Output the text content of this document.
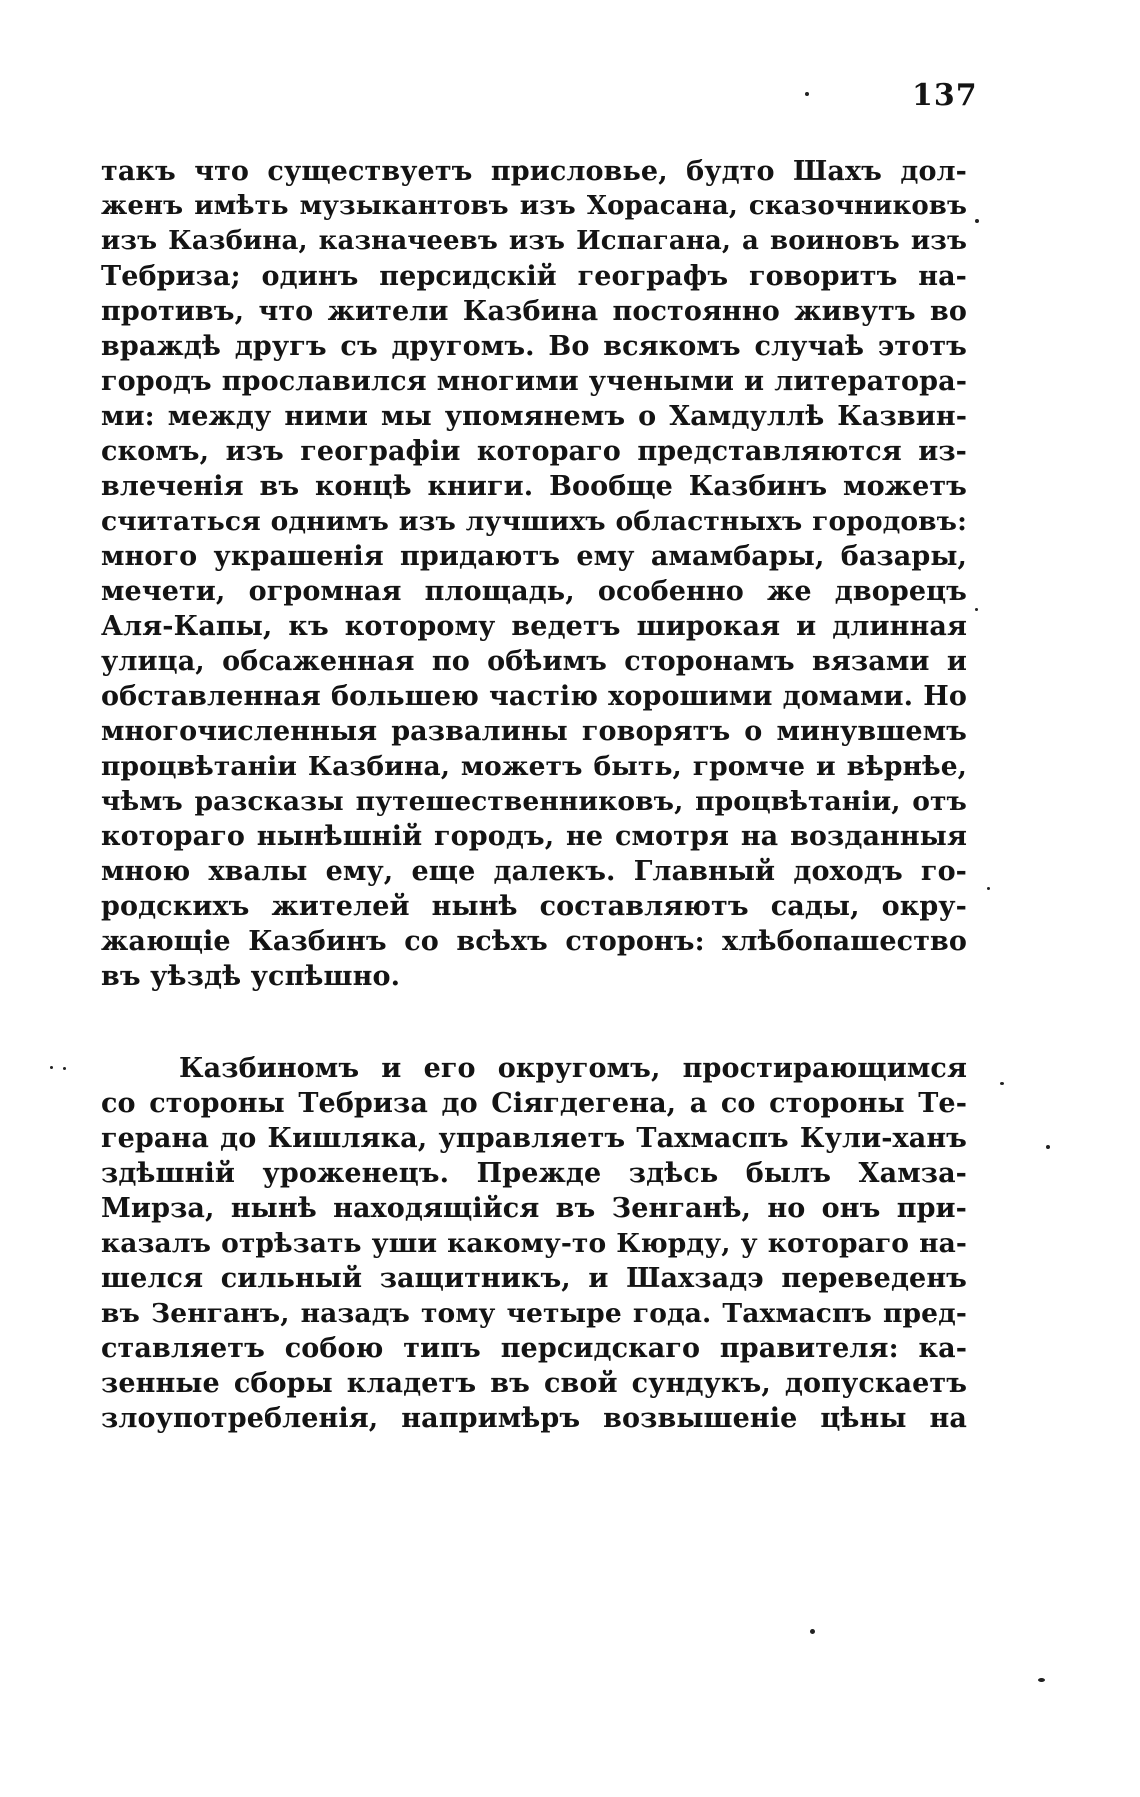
137
такъ что существуетъ присловье, будто Шахъ дол-
женъ имѣть музыкантовъ изъ Хорасана, сказочниковъ
изъ Казбина, казначеевъ изъ Испагана, а воиновъ изъ
Тебриза; одинъ персидскій географъ говоритъ на-
противъ, что жители Казбина постоянно живутъ во
враждѣ другъ съ другомъ. Во всякомъ случаѣ этотъ
городъ прославился многими учеными и литератора-
ми: между ними мы упомянемъ о Хамдуллѣ Казвин-
скомъ, изъ географіи котораго представляются из-
влеченія въ концѣ книги. Вообще Казбинъ можетъ
считаться однимъ изъ лучшихъ областныхъ городовъ:
много украшенія придаютъ ему амамбары, базары,
мечети, огромная площадь, особенно же дворецъ
Аля-Капы, къ которому ведетъ широкая и длинная
улица, обсаженная по обѣимъ сторонамъ вязами и
обставленная большею частію хорошими домами. Но
многочисленныя развалины говорятъ о минувшемъ
процвѣтаніи Казбина, можетъ быть, громче и вѣрнѣе,
чѣмъ разсказы путешественниковъ, процвѣтаніи, отъ
котораго нынѣшній городъ, не смотря на возданныя
мною хвалы ему, еще далекъ. Главный доходъ го-
родскихъ жителей нынѣ составляютъ сады, окру-
жающіе Казбинъ со всѣхъ сторонъ: хлѣбопашество
въ уѣздѣ успѣшно.
Казбиномъ и его округомъ, простирающимся
со стороны Тебриза до Сіягдегена, а со стороны Те-
герана до Кишляка, управляетъ Тахмаспъ Кули-ханъ
здѣшній уроженецъ. Прежде здѣсь былъ Хамза-
Мирза, нынѣ находящійся въ Зенганѣ, но онъ при-
казалъ отрѣзать уши какому-то Кюрду, у котораго на-
шелся сильный защитникъ, и Шахзадэ переведенъ
въ Зенганъ, назадъ тому четыре года. Тахмаспъ пред-
ставляетъ собою типъ персидскаго правителя: ка-
зенные сборы кладетъ въ свой сундукъ, допускаетъ
злоупотребленія, напримѣръ возвышеніе цѣны на
